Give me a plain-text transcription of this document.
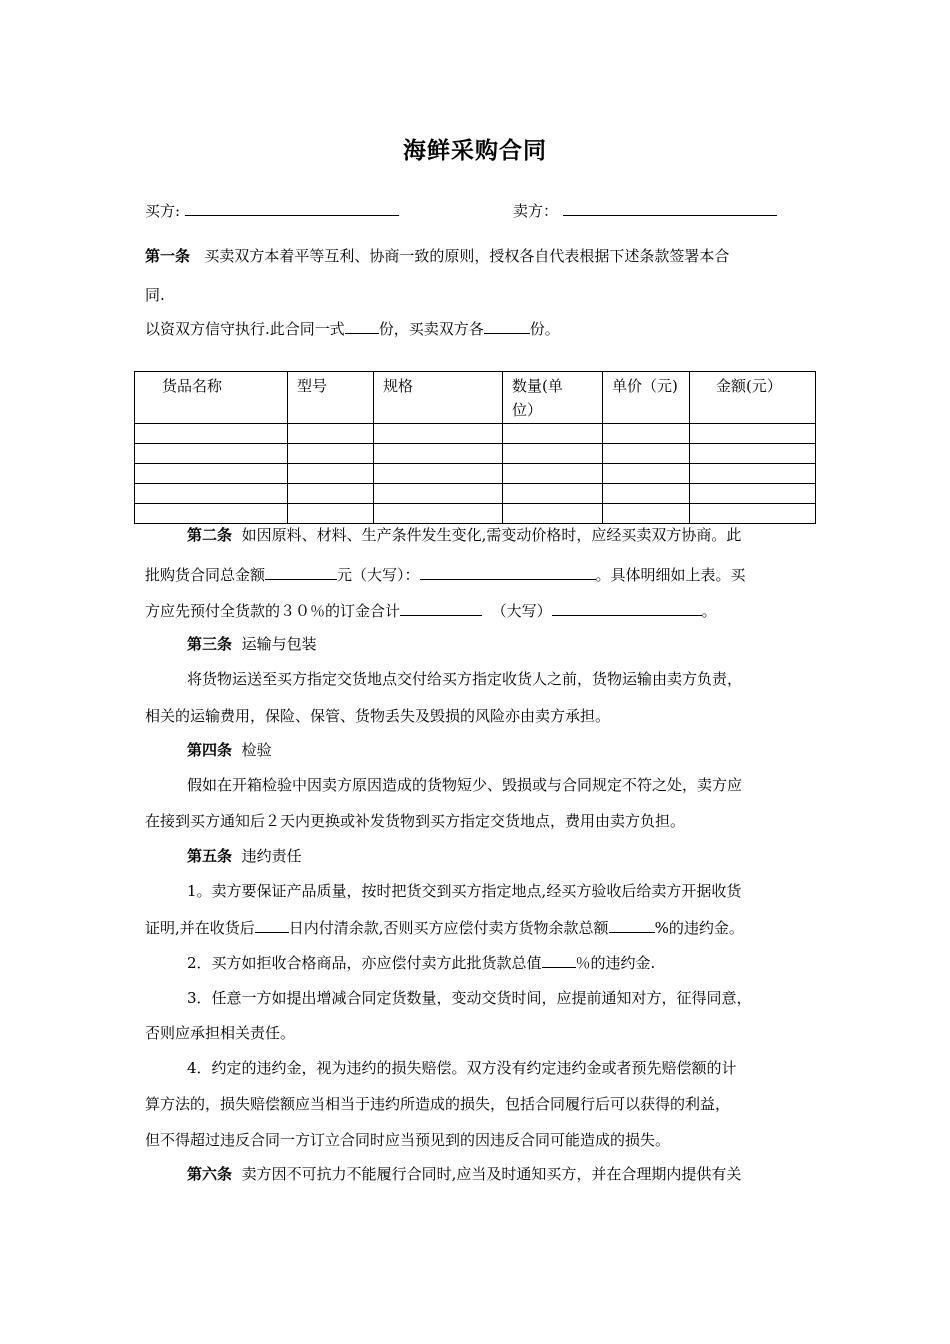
海鲜采购合同
买方:	卖方：
第一条 买卖双方本着平等互利、协商一致的原则，授权各自代表根据下述条款签署本合
同.
以资双方信守执行.此合同一式 份，买卖双方各	份。
货品名称	型号	规格	数量(单位）	单价（元)	金额(元）

第二条 如因原料、材料、生产条件发生变化,需变动价格时，应经买卖双方协商。此
批购货合同总金额	元（大写）：	。具体明细如上表。买
方应先预付全货款的３０％的订金合计	（大写）	。
第三条 运输与包装
将货物运送至买方指定交货地点交付给买方指定收货人之前，货物运输由卖方负责，
相关的运输费用，保险、保管、货物丢失及毁损的风险亦由卖方承担。
第四条 检验
假如在开箱检验中因卖方原因造成的货物短少、毁损或与合同规定不符之处，卖方应
在接到买方通知后２天内更换或补发货物到买方指定交货地点，费用由卖方负担。
第五条 违约责任
1。卖方要保证产品质量，按时把货交到买方指定地点,经买方验收后给卖方开据收货
证明,并在收货后 日内付清余款,否则买方应偿付卖方货物余款总额	%的违约金。
2．买方如拒收合格商品，亦应偿付卖方此批货款总值 ％的违约金.
3．任意一方如提出增减合同定货数量，变动交货时间，应提前通知对方，征得同意，
否则应承担相关责任。
4．约定的违约金，视为违约的损失赔偿。双方没有约定违约金或者预先赔偿额的计
算方法的，损失赔偿额应当相当于违约所造成的损失，包括合同履行后可以获得的利益，
但不得超过违反合同一方订立合同时应当预见到的因违反合同可能造成的损失。
第六条 卖方因不可抗力不能履行合同时,应当及时通知买方，并在合理期内提供有关
